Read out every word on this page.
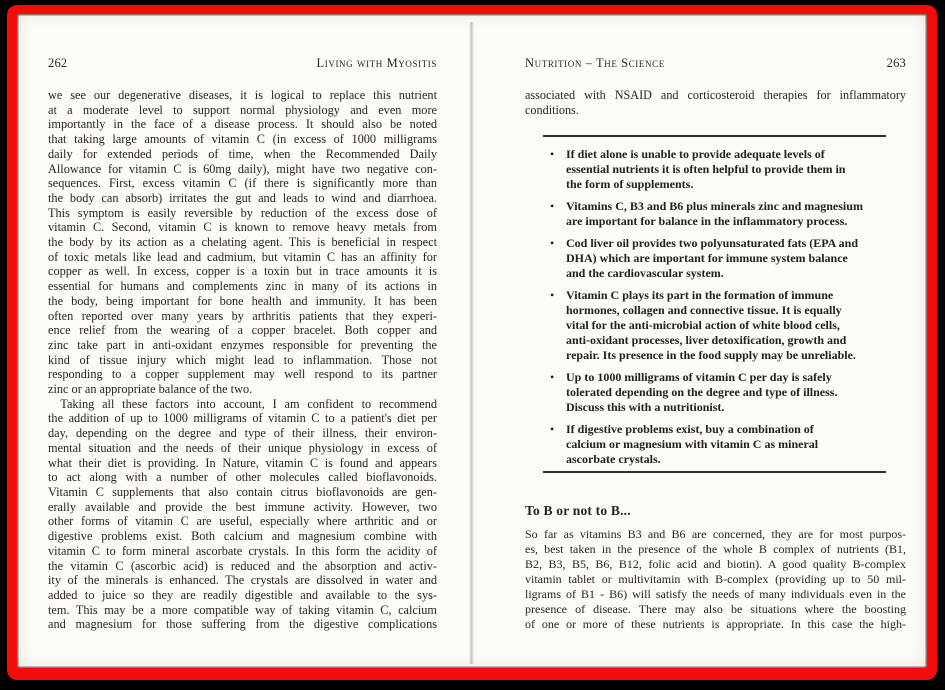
262	Living with Myositis
we see our degenerative diseases, it is logical to replace this nutrient
at a moderate level to support normal physiology and even more
importantly in the face of a disease process. It should also be noted
that taking large amounts of vitamin C (in excess of 1000 milligrams
daily for extended periods of time, when the Recommended Daily
Allowance for vitamin C is 60mg daily), might have two negative con-
sequences. First, excess vitamin C (if there is significantly more than
the body can absorb) irritates the gut and leads to wind and diarrhoea.
This symptom is easily reversible by reduction of the excess dose of
vitamin C. Second, vitamin C is known to remove heavy metals from
the body by its action as a chelating agent. This is beneficial in respect
of toxic metals like lead and cadmium, but vitamin C has an affinity for
copper as well. In excess, copper is a toxin but in trace amounts it is
essential for humans and complements zinc in many of its actions in
the body, being important for bone health and immunity. It has been
often reported over many years by arthritis patients that they experi-
ence relief from the wearing of a copper bracelet. Both copper and
zinc take part in anti-oxidant enzymes responsible for preventing the
kind of tissue injury which might lead to inflammation. Those not
responding to a copper supplement may well respond to its partner
zinc or an appropriate balance of the two.
 Taking all these factors into account, I am confident to recommend
the addition of up to 1000 milligrams of vitamin C to a patient's diet per
day, depending on the degree and type of their illness, their environ-
mental situation and the needs of their unique physiology in excess of
what their diet is providing. In Nature, vitamin C is found and appears
to act along with a number of other molecules called bioflavonoids.
Vitamin C supplements that also contain citrus bioflavonoids are gen-
erally available and provide the best immune activity. However, two
other forms of vitamin C are useful, especially where arthritic and or
digestive problems exist. Both calcium and magnesium combine with
vitamin C to form mineral ascorbate crystals. In this form the acidity of
the vitamin C (ascorbic acid) is reduced and the absorption and activ-
ity of the minerals is enhanced. The crystals are dissolved in water and
added to juice so they are readily digestible and available to the sys-
tem. This may be a more compatible way of taking vitamin C, calcium
and magnesium for those suffering from the digestive complications
Nutrition – The Science	263
associated with NSAID and corticosteroid therapies for inflammatory
conditions.
• If diet alone is unable to provide adequate levels of
essential nutrients it is often helpful to provide them in
the form of supplements.
• Vitamins C, B3 and B6 plus minerals zinc and magnesium
are important for balance in the inflammatory process.
• Cod liver oil provides two polyunsaturated fats (EPA and
DHA) which are important for immune system balance
and the cardiovascular system.
• Vitamin C plays its part in the formation of immune
hormones, collagen and connective tissue. It is equally
vital for the anti-microbial action of white blood cells,
anti-oxidant processes, liver detoxification, growth and
repair. Its presence in the food supply may be unreliable.
• Up to 1000 milligrams of vitamin C per day is safely
tolerated depending on the degree and type of illness.
Discuss this with a nutritionist.
• If digestive problems exist, buy a combination of
calcium or magnesium with vitamin C as mineral
ascorbate crystals.
To B or not to B...
So far as vitamins B3 and B6 are concerned, they are for most purpos-
es, best taken in the presence of the whole B complex of nutrients (B1,
B2, B3, B5, B6, B12, folic acid and biotin). A good quality B-complex
vitamin tablet or multivitamin with B-complex (providing up to 50 mil-
ligrams of B1 - B6) will satisfy the needs of many individuals even in the
presence of disease. There may also be situations where the boosting
of one or more of these nutrients is appropriate. In this case the high-
